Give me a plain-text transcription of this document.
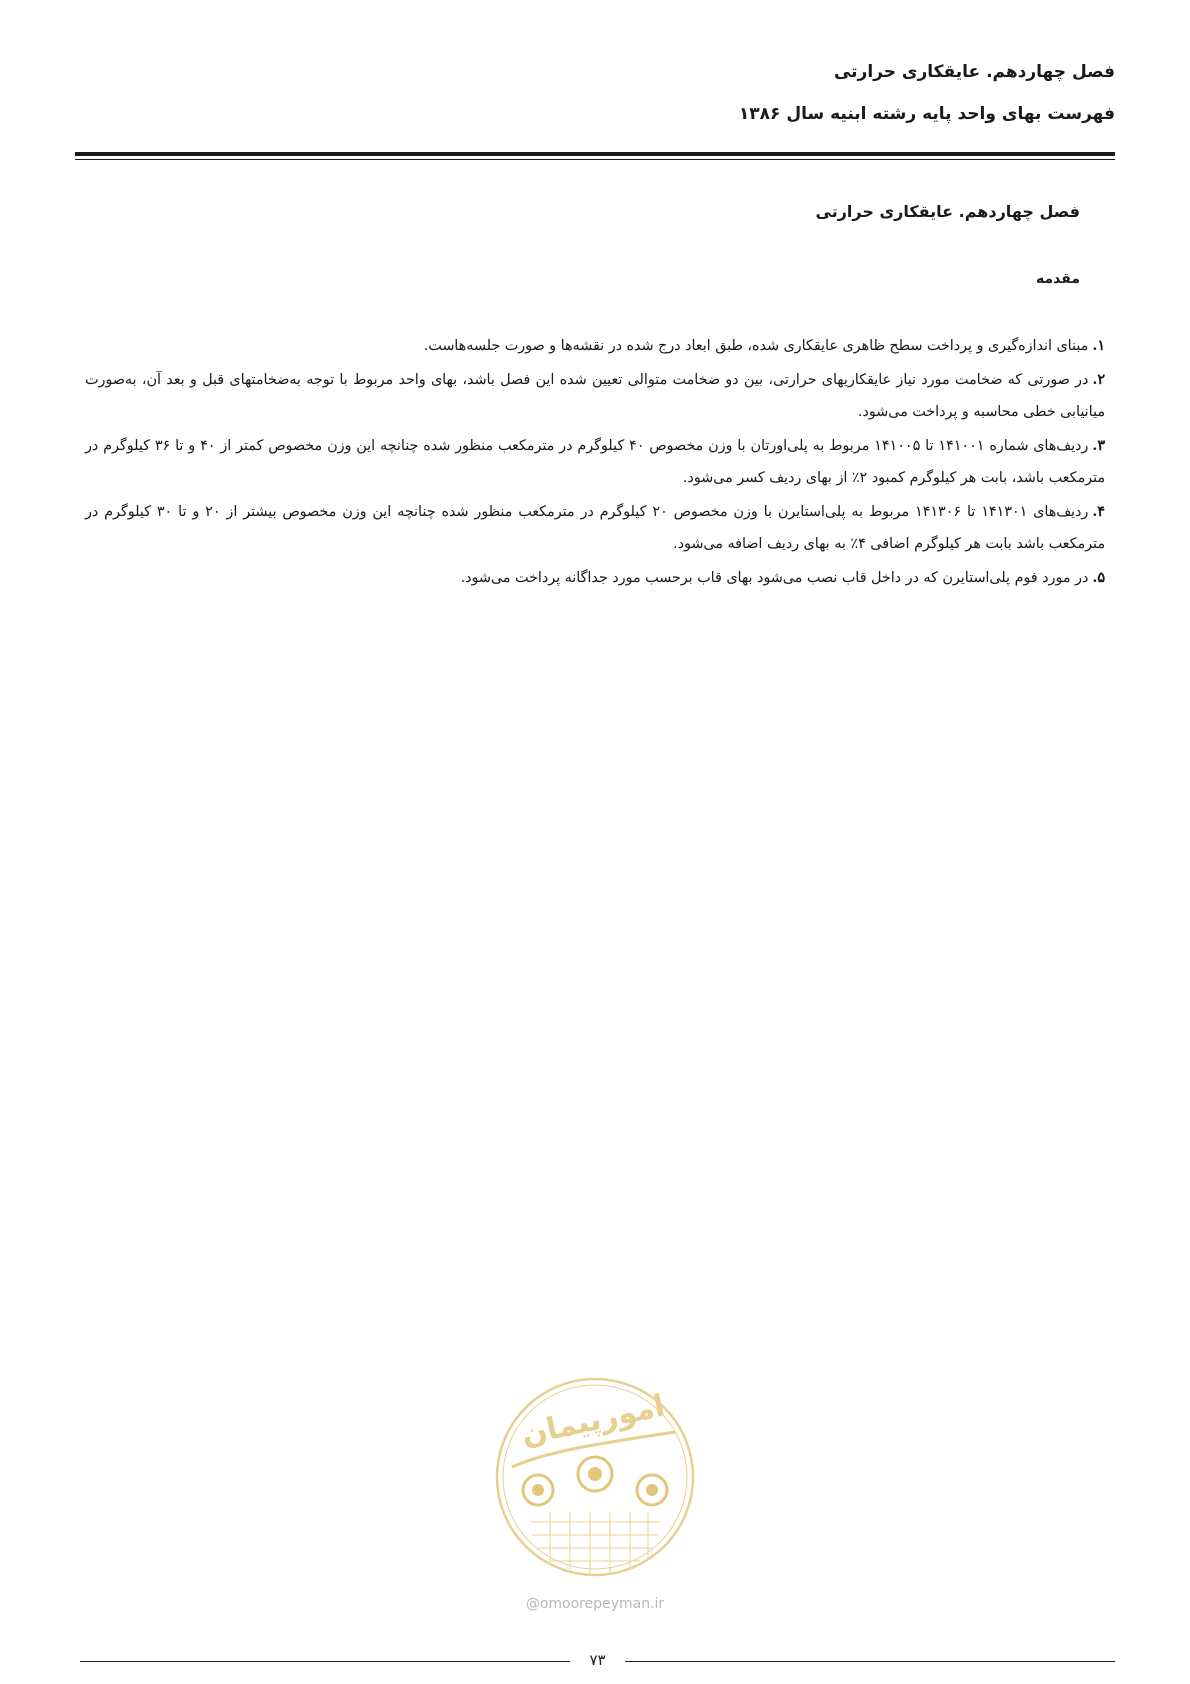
فصل چهاردهم. عایقکاری حرارتی
فهرست بهای واحد پایه رشته ابنیه سال ۱۳۸۶
فصل چهاردهم. عایقکاری حرارتی
مقدمه

۱.مبنای اندازه‌گیری و پرداخت سطح ظاهری عایقکاری شده، طبق ابعاد درج شده در نقشه‌ها و صورت جلسه‌هاست.

۲.در صورتی که ضخامت مورد نیاز عایقکاریهای حرارتی، بین دو ضخامت متوالی تعیین شده این فصل باشد، بهای واحد مربوط با توجه به‌ضخامتهای قبل و بعد آن، به‌صورت میانیابی خطی محاسبه و پرداخت می‌شود.

۳.ردیف‌های شماره ۱۴۱۰۰۱ تا ۱۴۱۰۰۵ مربوط به پلی‌اورتان با وزن مخصوص ۴۰ کیلوگرم در مترمکعب منظور شده چنانچه این وزن مخصوص کمتر از ۴۰ و تا ۳۶ کیلوگرم در مترمکعب باشد، بابت هر کیلوگرم کمبود ۲٪ از بهای ردیف کسر می‌شود.

۴.ردیف‌های ۱۴۱۳۰۱ تا ۱۴۱۳۰۶ مربوط به پلی‌استایرن با وزن مخصوص ۲۰ کیلوگرم در مترمکعب منظور شده چنانچه این وزن مخصوص بیشتر از ۲۰ و تا ۳۰ کیلوگرم در مترمکعب باشد بابت هر کیلوگرم اضافی ۴٪ به بهای ردیف اضافه می‌شود.

۵.در مورد فوم پلی‌استایرن که در داخل قاب نصب می‌شود بهای قاب برحسب مورد جداگانه پرداخت می‌شود.

امورپیمان
@omoorepeyman.ir
۷۳
